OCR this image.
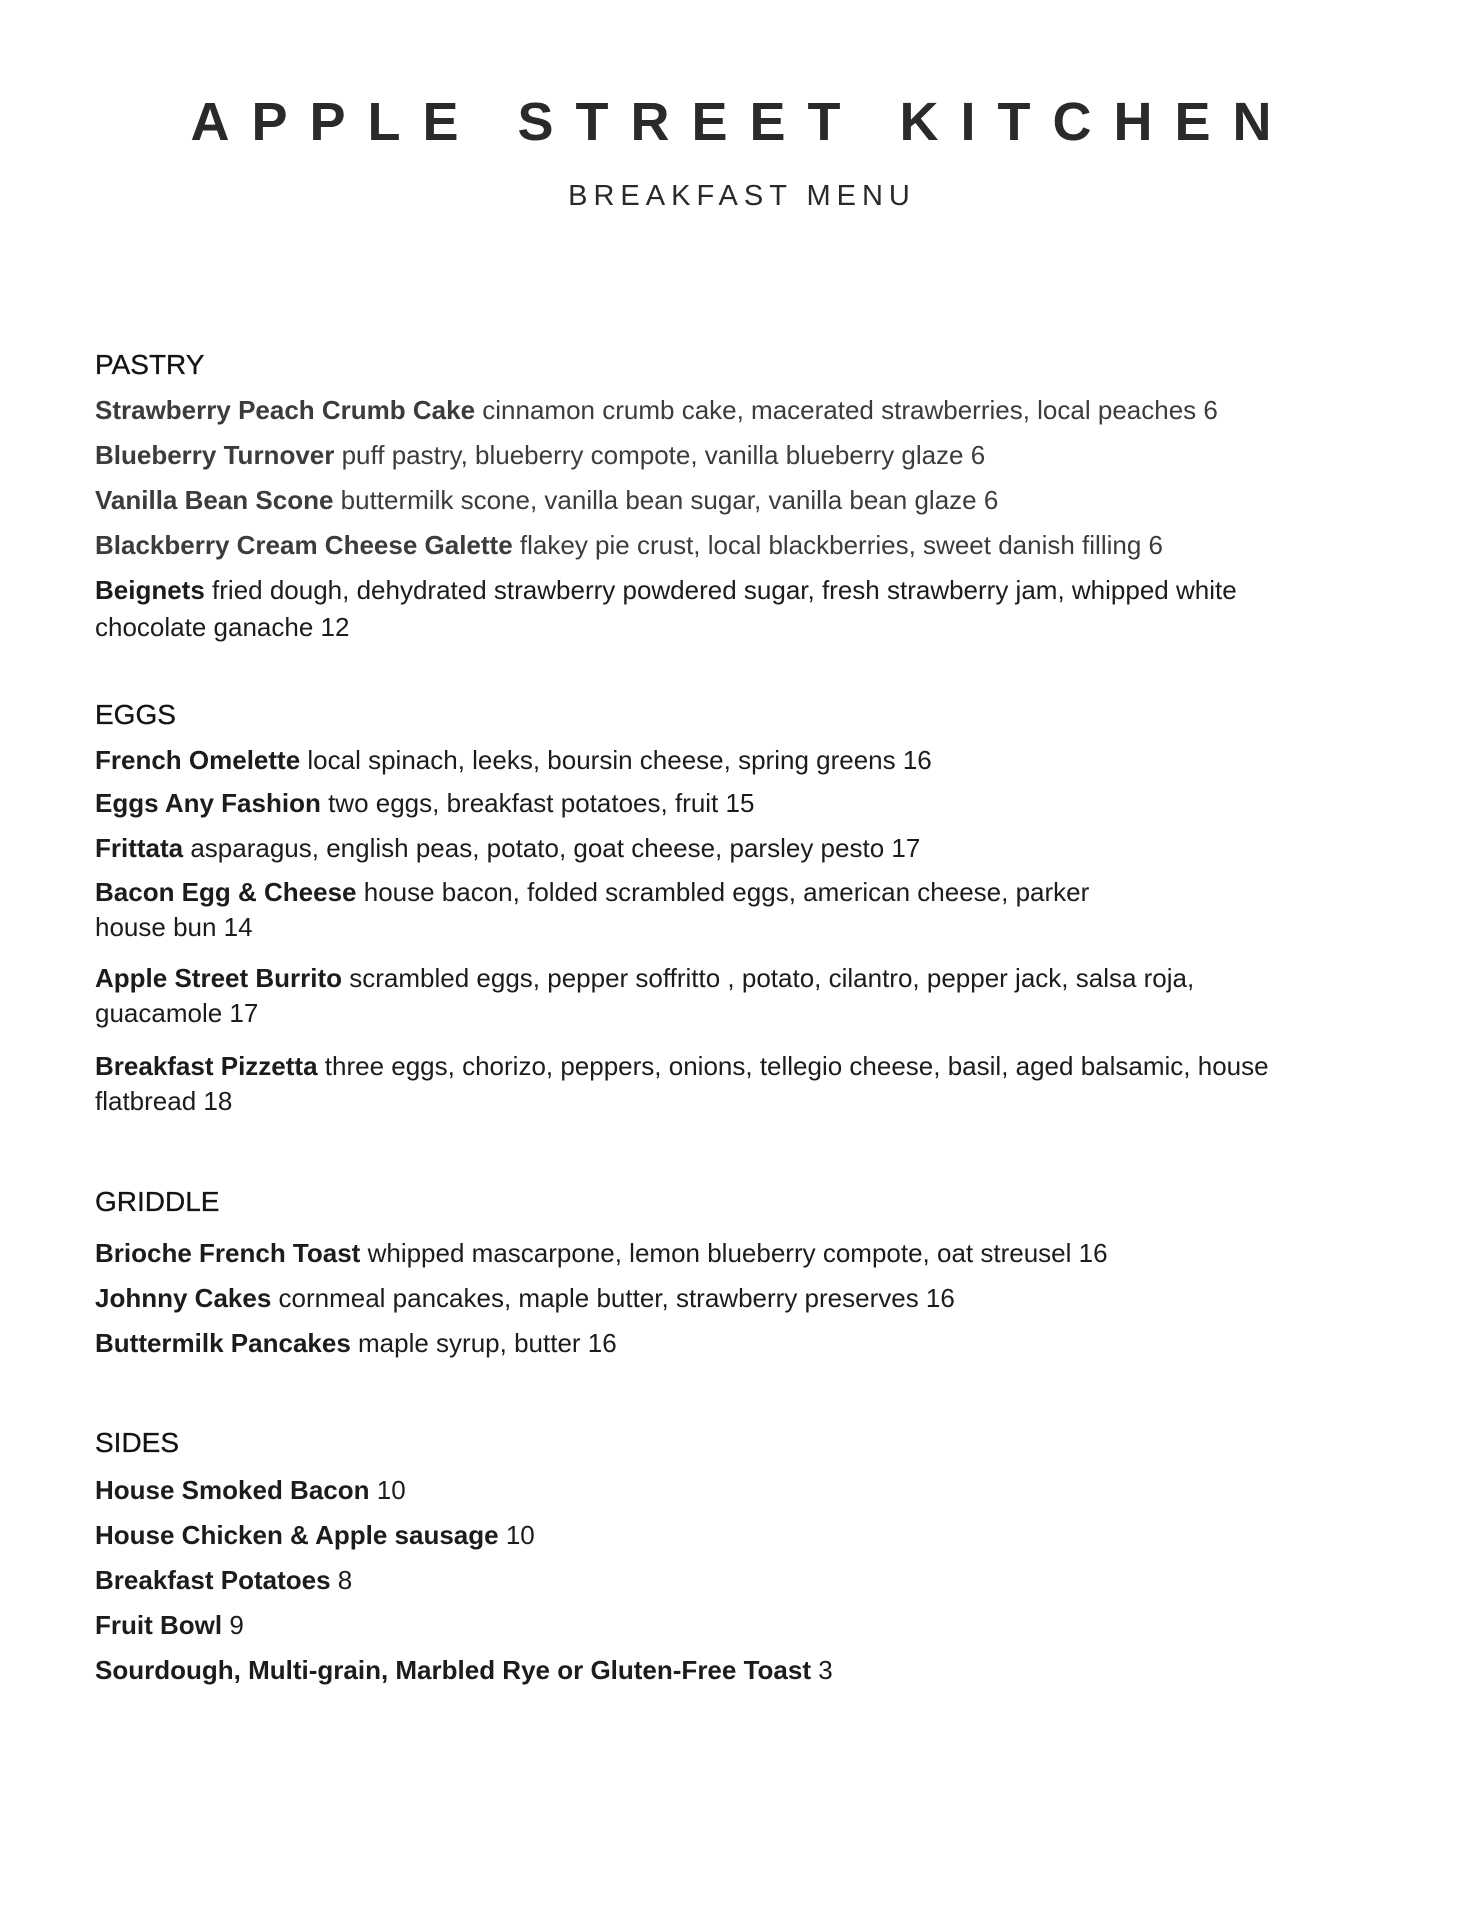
APPLE STREET KITCHEN
BREAKFAST MENU
PASTRY
Strawberry Peach Crumb Cake cinnamon crumb cake, macerated strawberries, local peaches 6
Blueberry Turnover puff pastry, blueberry compote, vanilla blueberry glaze 6
Vanilla Bean Scone buttermilk scone, vanilla bean sugar, vanilla bean glaze 6
Blackberry Cream Cheese Galette flakey pie crust, local blackberries, sweet danish filling 6
Beignets fried dough, dehydrated strawberry powdered sugar, fresh strawberry jam, whipped white chocolate ganache 12
EGGS
French Omelette local spinach, leeks, boursin cheese, spring greens 16
Eggs Any Fashion two eggs, breakfast potatoes, fruit 15
Frittata asparagus, english peas, potato, goat cheese, parsley pesto 17
Bacon Egg & Cheese house bacon, folded scrambled eggs, american cheese, parker house bun 14
Apple Street Burrito scrambled eggs, pepper soffritto , potato, cilantro, pepper jack, salsa roja, guacamole 17
Breakfast Pizzetta three eggs, chorizo, peppers, onions, tellegio cheese, basil, aged balsamic, house flatbread 18
GRIDDLE
Brioche French Toast whipped mascarpone, lemon blueberry compote, oat streusel 16
Johnny Cakes cornmeal pancakes, maple butter, strawberry preserves 16
Buttermilk Pancakes maple syrup, butter 16
SIDES
House Smoked Bacon 10
House Chicken & Apple sausage 10
Breakfast Potatoes 8
Fruit Bowl 9
Sourdough, Multi-grain, Marbled Rye or Gluten-Free Toast 3
